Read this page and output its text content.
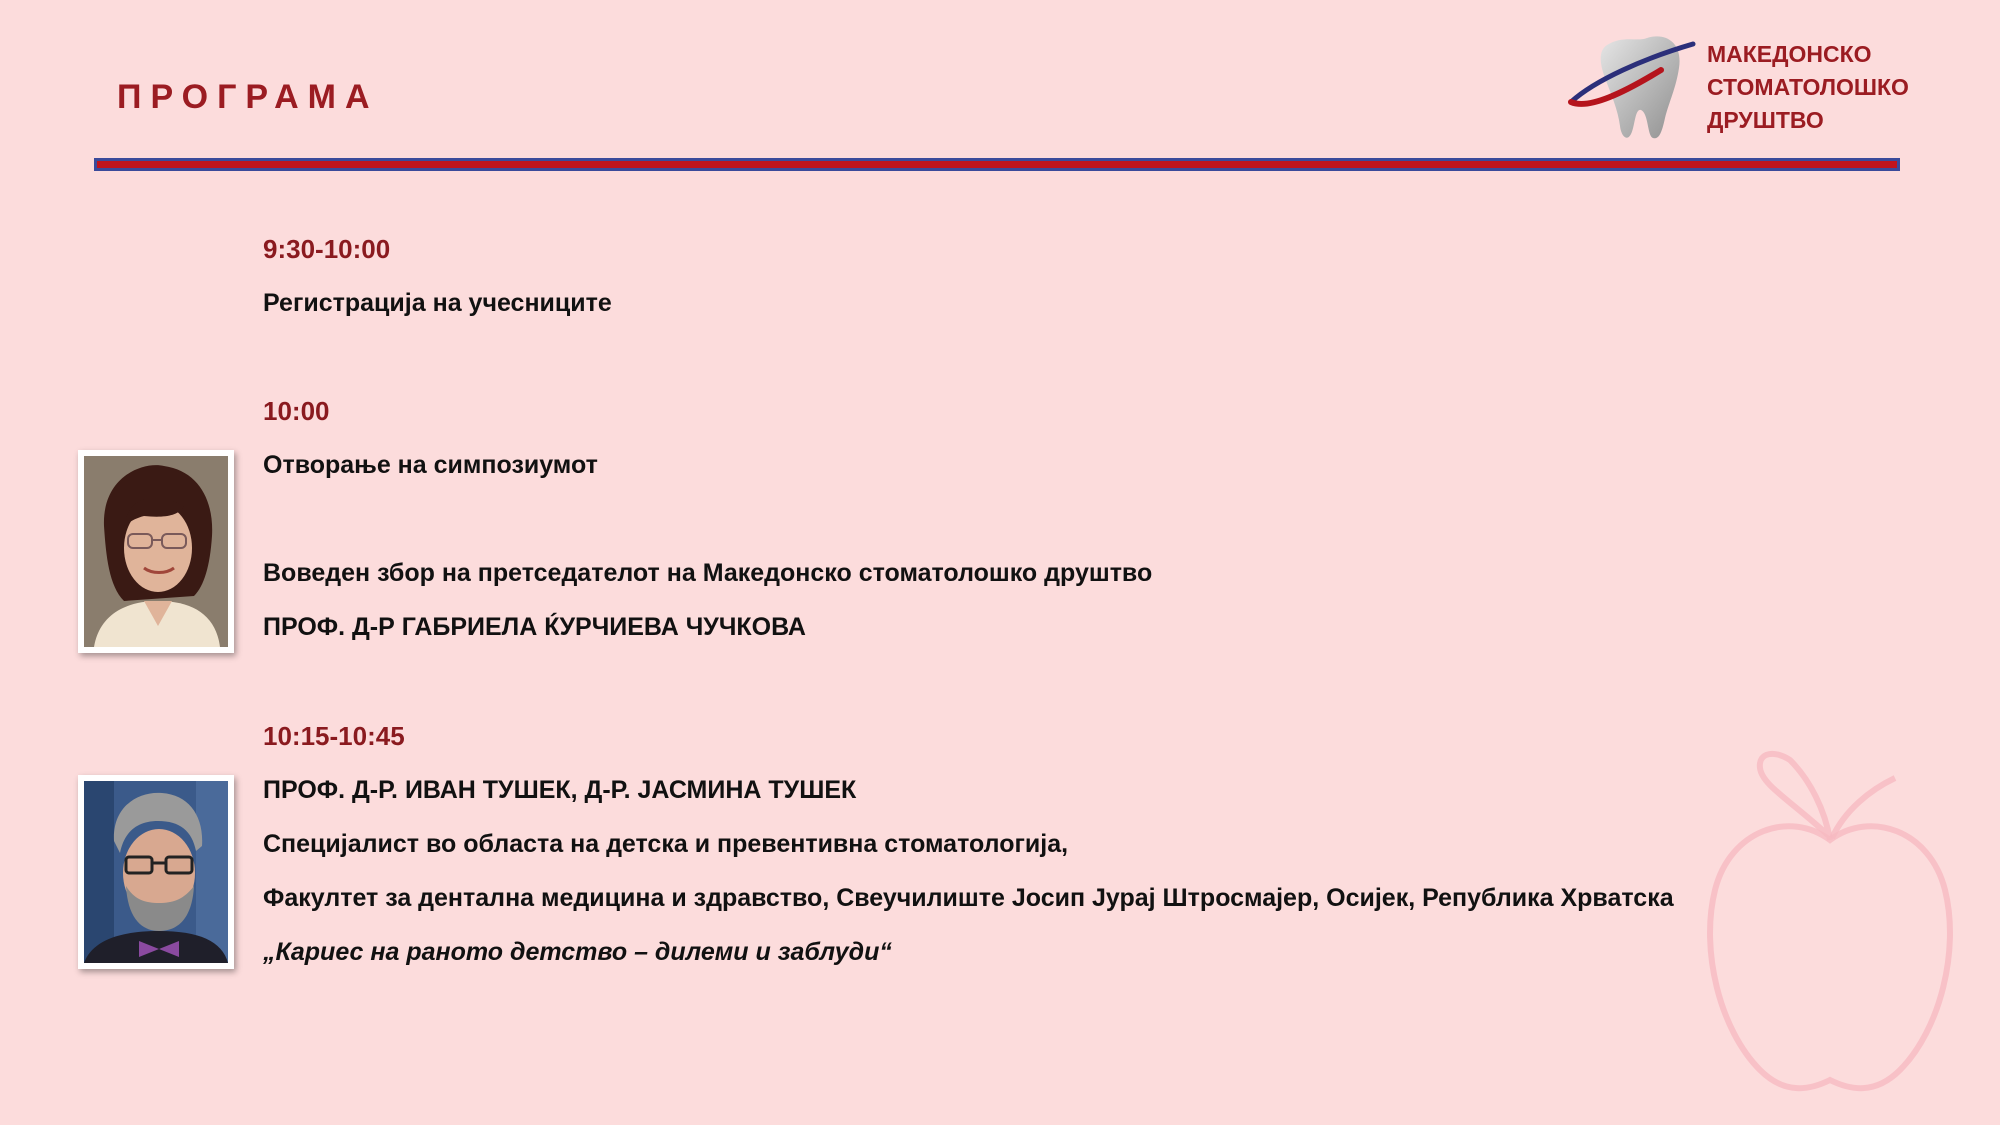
ПРОГРАМА
МАКЕДОНСКО
СТОМАТОЛОШКО
ДРУШТВО
9:30-10:00
Регистрација на учесниците
10:00
Отворање на симпозиумот
Воведен збор на претседателот на Македонско стоматолошко друштво
ПРОФ. Д-Р ГАБРИЕЛА ЌУРЧИЕВА ЧУЧКОВА
10:15-10:45
ПРОФ. Д-Р. ИВАН ТУШЕК, Д-Р. ЈАСМИНА ТУШЕК
Специјалист во областа на детска и превентивна стоматологија,
Факултет за дентална медицина и здравство, Свеучилиште Јосип Јурај Штросмајер, Осијек, Република Хрватска
„Кариес на раното детство – дилеми и заблуди“
